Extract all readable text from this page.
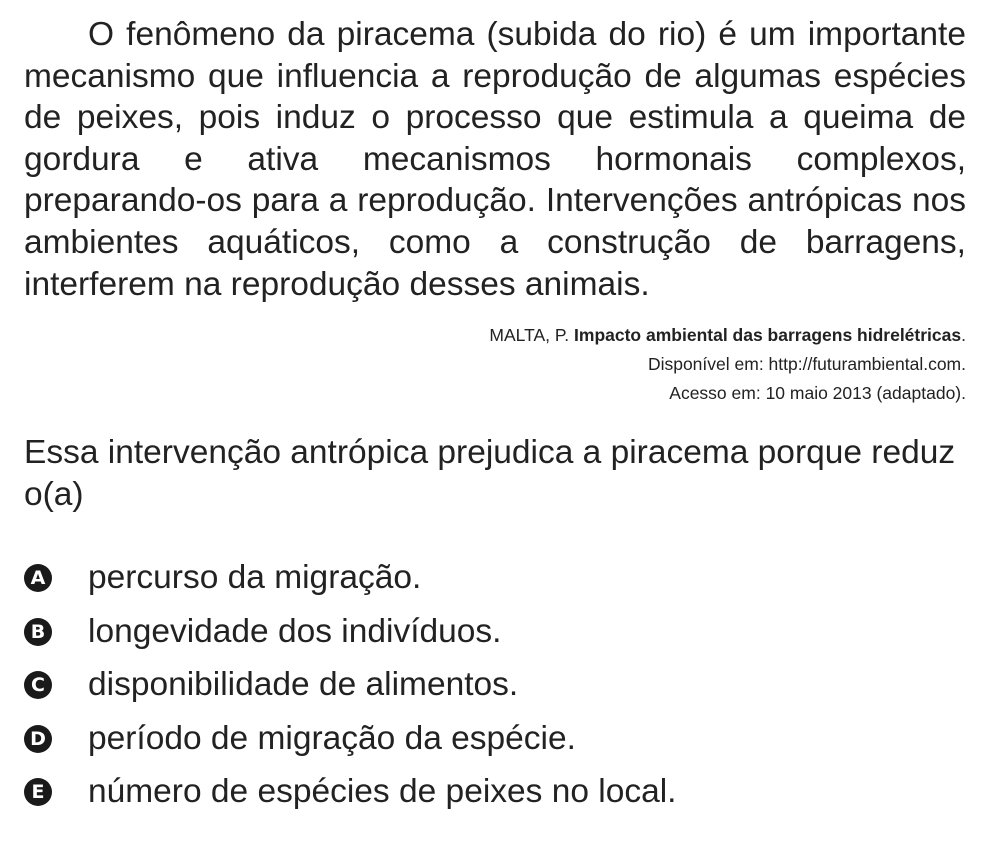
O fenômeno da piracema (subida do rio) é um importante mecanismo que influencia a reprodução de algumas espécies de peixes, pois induz o processo que estimula a queima de gordura e ativa mecanismos hormonais complexos, preparando-os para a reprodução. Intervenções antrópicas nos ambientes aquáticos, como a construção de barragens, interferem na reprodução desses animais.

MALTA, P. Impacto ambiental das barragens hidrelétricas.
Disponível em: http://futurambiental.com.
Acesso em: 10 maio 2013 (adaptado).

Essa intervenção antrópica prejudica a piracema porque reduz o(a)

A percurso da migração.
B longevidade dos indivíduos.
C disponibilidade de alimentos.
D período de migração da espécie.
E número de espécies de peixes no local.
